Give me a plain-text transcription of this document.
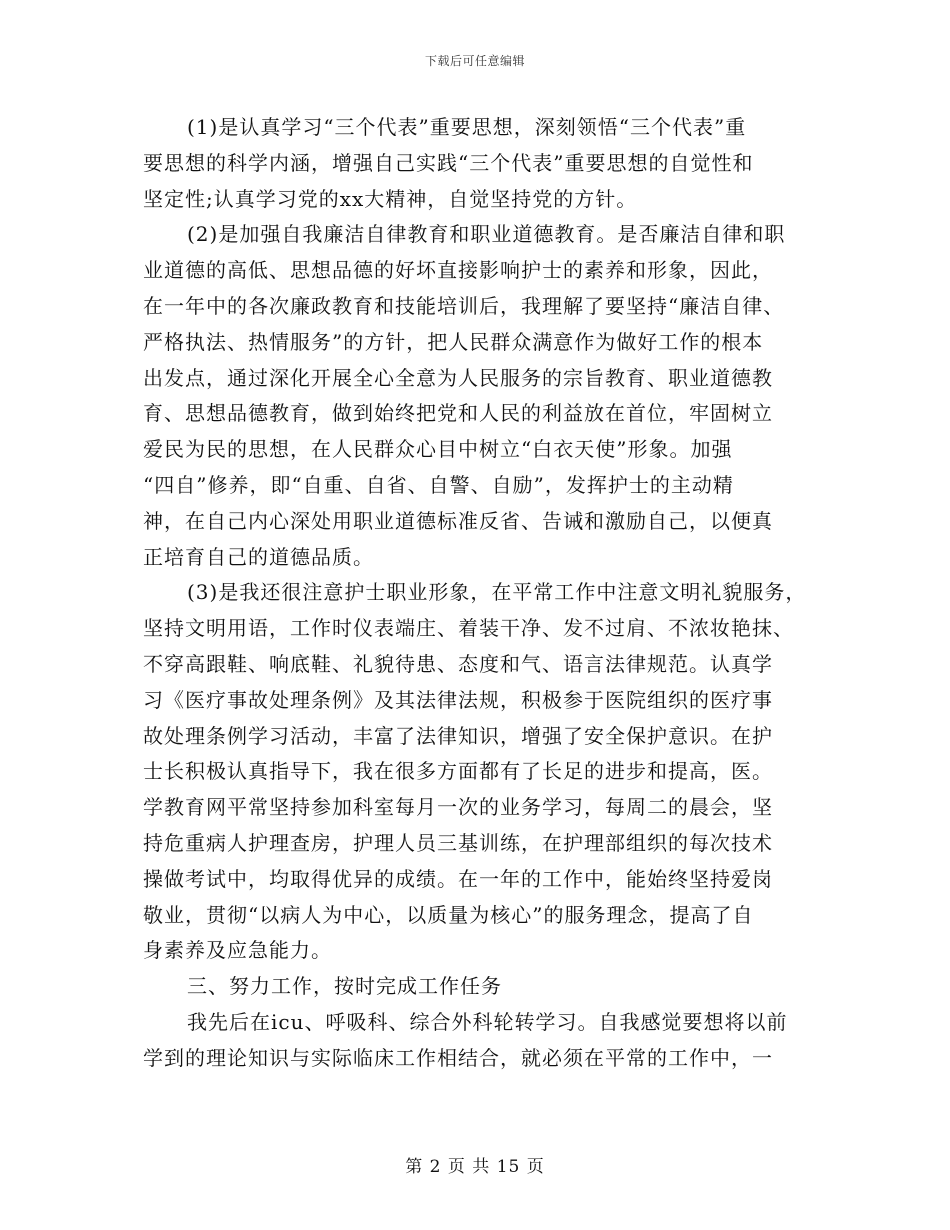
下载后可任意编辑
(1)是认真学习“三个代表”重要思想，深刻领悟“三个代表”重
要思想的科学内涵，增强自己实践“三个代表”重要思想的自觉性和
坚定性;认真学习党的xx大精神，自觉坚持党的方针。
(2)是加强自我廉洁自律教育和职业道德教育。是否廉洁自律和职
业道德的高低、思想品德的好坏直接影响护士的素养和形象，因此，
在一年中的各次廉政教育和技能培训后，我理解了要坚持“廉洁自律、
严格执法、热情服务”的方针，把人民群众满意作为做好工作的根本
出发点，通过深化开展全心全意为人民服务的宗旨教育、职业道德教
育、思想品德教育，做到始终把党和人民的利益放在首位，牢固树立
爱民为民的思想，在人民群众心目中树立“白衣天使”形象。加强
“四自”修养，即“自重、自省、自警、自励”，发挥护士的主动精
神，在自己内心深处用职业道德标准反省、告诫和激励自己，以便真
正培育自己的道德品质。
(3)是我还很注意护士职业形象，在平常工作中注意文明礼貌服务，
坚持文明用语，工作时仪表端庄、着装干净、发不过肩、不浓妆艳抹、
不穿高跟鞋、响底鞋、礼貌待患、态度和气、语言法律规范。认真学
习《医疗事故处理条例》及其法律法规，积极参于医院组织的医疗事
故处理条例学习活动，丰富了法律知识，增强了安全保护意识。在护
士长积极认真指导下，我在很多方面都有了长足的进步和提高，医。
学教育网平常坚持参加科室每月一次的业务学习，每周二的晨会，坚
持危重病人护理查房，护理人员三基训练，在护理部组织的每次技术
操做考试中，均取得优异的成绩。在一年的工作中，能始终坚持爱岗
敬业，贯彻“以病人为中心，以质量为核心”的服务理念，提高了自
身素养及应急能力。
三、努力工作，按时完成工作任务
我先后在icu、呼吸科、综合外科轮转学习。自我感觉要想将以前
学到的理论知识与实际临床工作相结合，就必须在平常的工作中，一
第 2 页 共 15 页
